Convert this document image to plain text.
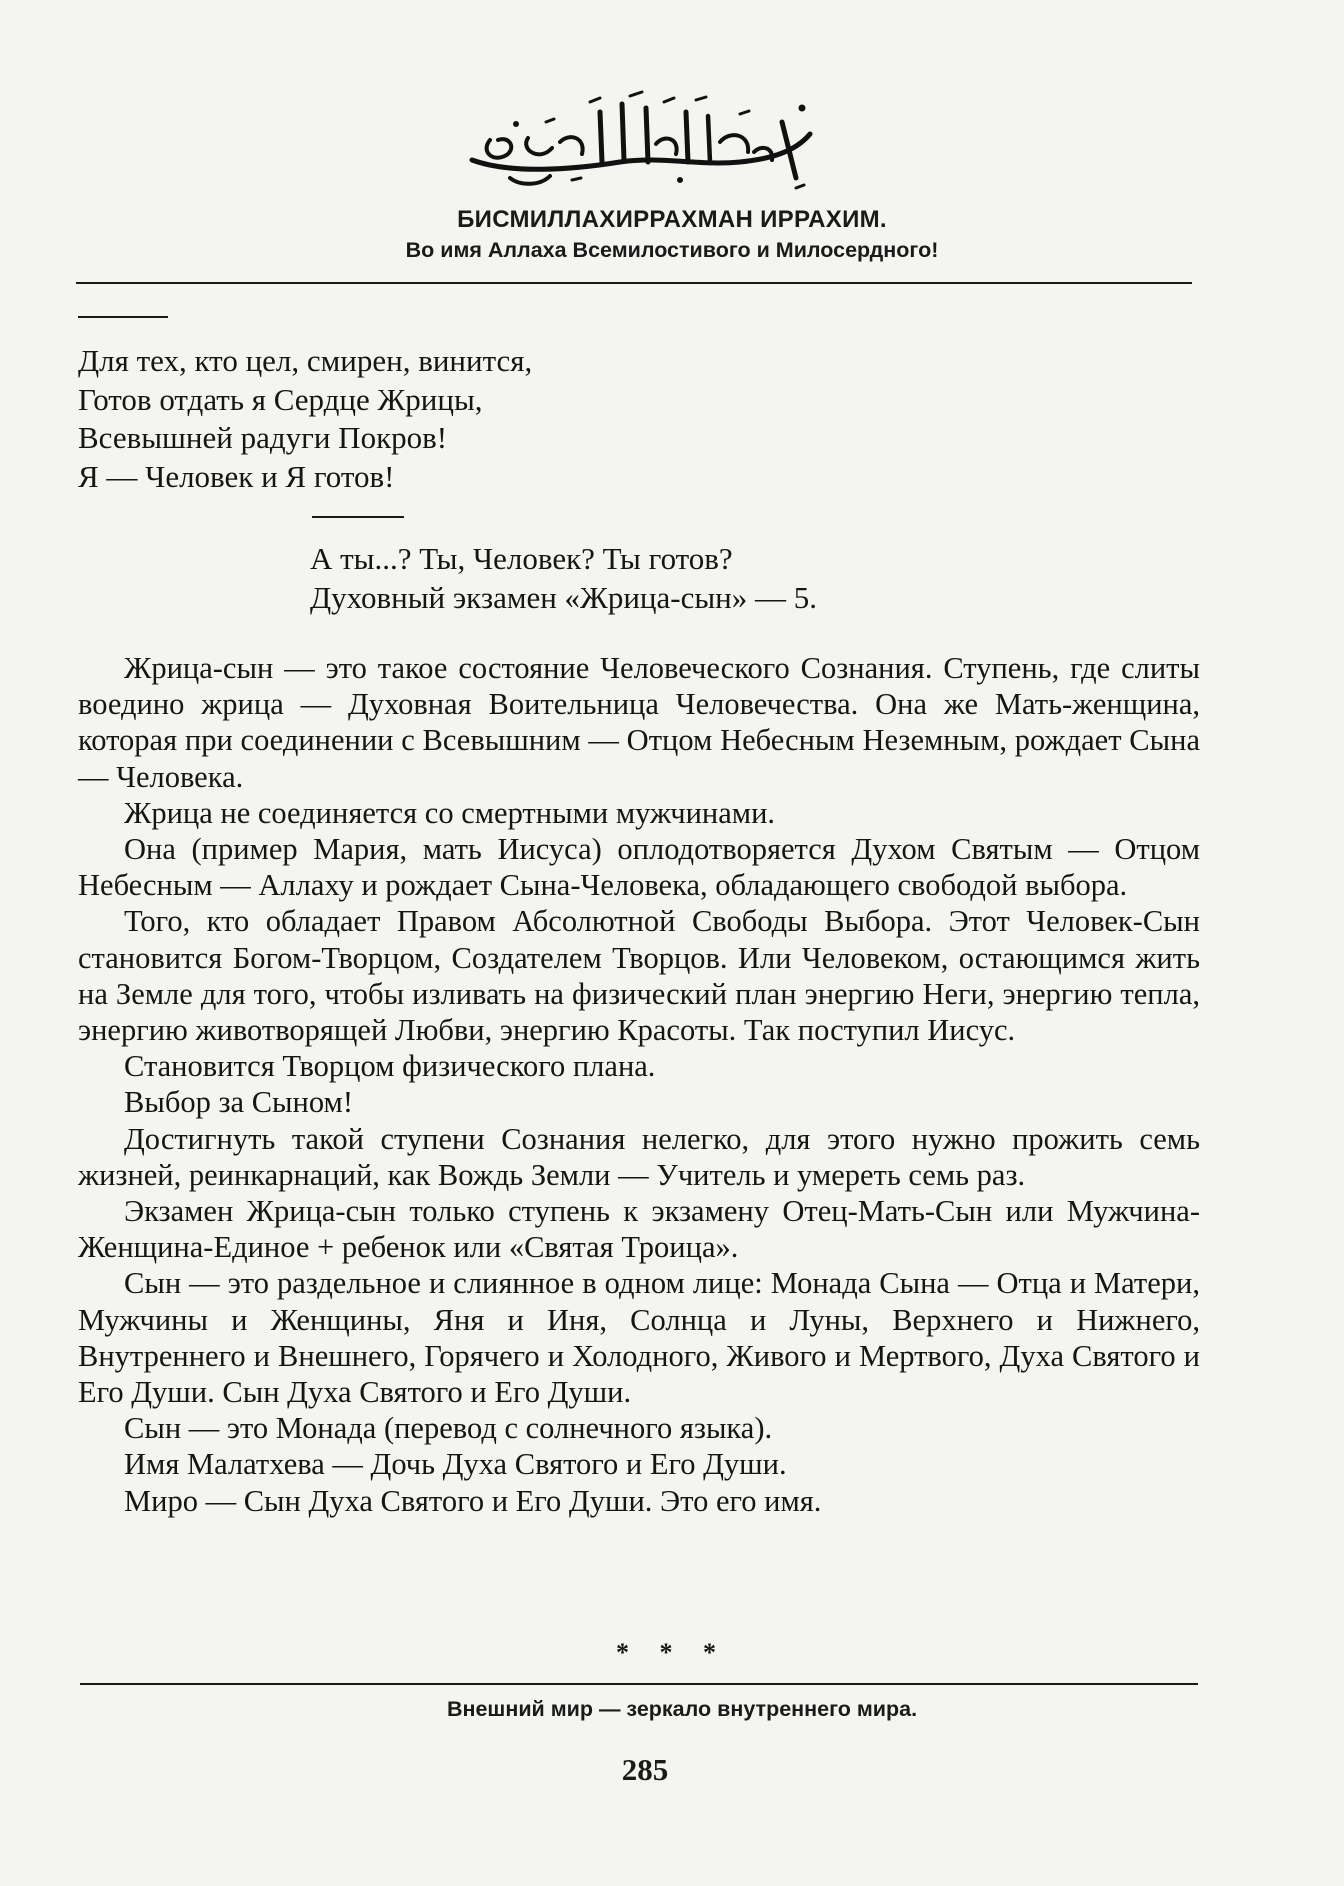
БИСМИЛЛАХИРРАХМАН ИРРАХИМ.
Во имя Аллаха Всемилостивого и Милосердного!
Для тех, кто цел, смирен, винится,
Готов отдать я Сердце Жрицы,
Всевышней радуги Покров!
Я — Человек и Я готов!
А ты...? Ты, Человек? Ты готов?
Духовный экзамен «Жрица-сын» — 5.

Жрица-сын — это такое состояние Человеческого Сознания. Ступень, где слиты воедино жрица — Духовная Воительница Человечества. Она же Мать-женщина, которая при соединении с Всевышним — Отцом Небесным Неземным, рождает Сына — Человека.

Жрица не соединяется со смертными мужчинами.

Она (пример Мария, мать Иисуса) оплодотворяется Духом Святым — Отцом Небесным — Аллаху и рождает Сына-Человека, обладающего свободой выбора.

Того, кто обладает Правом Абсолютной Свободы Выбора. Этот Человек-Сын становится Богом-Творцом, Создателем Творцов. Или Человеком, остающимся жить на Земле для того, чтобы изливать на физический план энергию Неги, энергию тепла, энергию животворящей Любви, энергию Красоты. Так поступил Иисус.

Становится Творцом физического плана.

Выбор за Сыном!

Достигнуть такой ступени Сознания нелегко, для этого нужно прожить семь жизней, реинкарнаций, как Вождь Земли — Учитель и умереть семь раз.

Экзамен Жрица-сын только ступень к экзамену Отец-Мать-Сын или Мужчина-Женщина-Единое + ребенок или «Святая Троица».

Сын — это раздельное и слиянное в одном лице: Монада Сына — Отца и Матери, Мужчины и Женщины, Яня и Иня, Солнца и Луны, Верхнего и Нижнего, Внутреннего и Внешнего, Горячего и Холодного, Живого и Мертвого, Духа Святого и Его Души. Сын Духа Святого и Его Души.

Сын — это Монада (перевод с солнечного языка).

Имя Малатхева — Дочь Духа Святого и Его Души.

Миро — Сын Духа Святого и Его Души. Это его имя.

* * *
Внешний мир — зеркало внутреннего мира.
285
